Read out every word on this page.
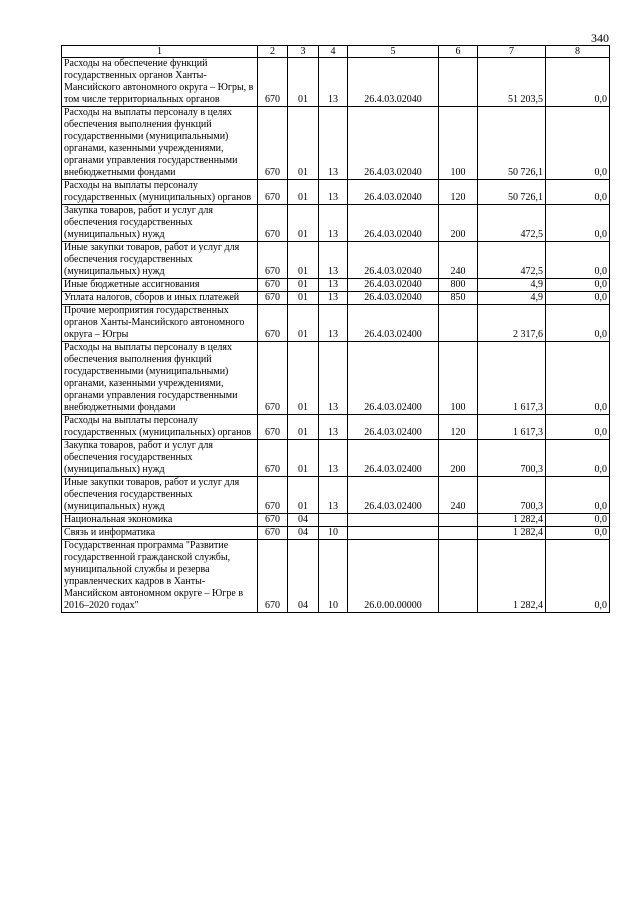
340
1	2	3	4	5	6	7	8
Расходы на обеспечение функций государственных органов Ханты-Мансийского автономного округа – Югры, в том числе территориальных органов	670	01	13	26.4.03.02040		51 203,5	0,0
Расходы на выплаты персоналу в целях обеспечения выполнения функций государственными (муниципальными) органами, казенными учреждениями, органами управления государственными внебюджетными фондами	670	01	13	26.4.03.02040	100	50 726,1	0,0
Расходы на выплаты персоналу государственных (муниципальных) органов	670	01	13	26.4.03.02040	120	50 726,1	0,0
Закупка товаров, работ и услуг для обеспечения государственных (муниципальных) нужд	670	01	13	26.4.03.02040	200	472,5	0,0
Иные закупки товаров, работ и услуг для обеспечения государственных (муниципальных) нужд	670	01	13	26.4.03.02040	240	472,5	0,0
Иные бюджетные ассигнования	670	01	13	26.4.03.02040	800	4,9	0,0
Уплата налогов, сборов и иных платежей	670	01	13	26.4.03.02040	850	4,9	0,0
Прочие мероприятия государственных органов Ханты-Мансийского автономного округа – Югры	670	01	13	26.4.03.02400		2 317,6	0,0
Расходы на выплаты персоналу в целях обеспечения выполнения функций государственными (муниципальными) органами, казенными учреждениями, органами управления государственными внебюджетными фондами	670	01	13	26.4.03.02400	100	1 617,3	0,0
Расходы на выплаты персоналу государственных (муниципальных) органов	670	01	13	26.4.03.02400	120	1 617,3	0,0
Закупка товаров, работ и услуг для обеспечения государственных (муниципальных) нужд	670	01	13	26.4.03.02400	200	700,3	0,0
Иные закупки товаров, работ и услуг для обеспечения государственных (муниципальных) нужд	670	01	13	26.4.03.02400	240	700,3	0,0
Национальная экономика	670	04				1 282,4	0,0
Связь и информатика	670	04	10			1 282,4	0,0
Государственная программа "Развитие государственной гражданской службы, муниципальной службы и резерва управленческих кадров в Ханты-Мансийском автономном округе – Югре в 2016–2020 годах"	670	04	10	26.0.00.00000		1 282,4	0,0
